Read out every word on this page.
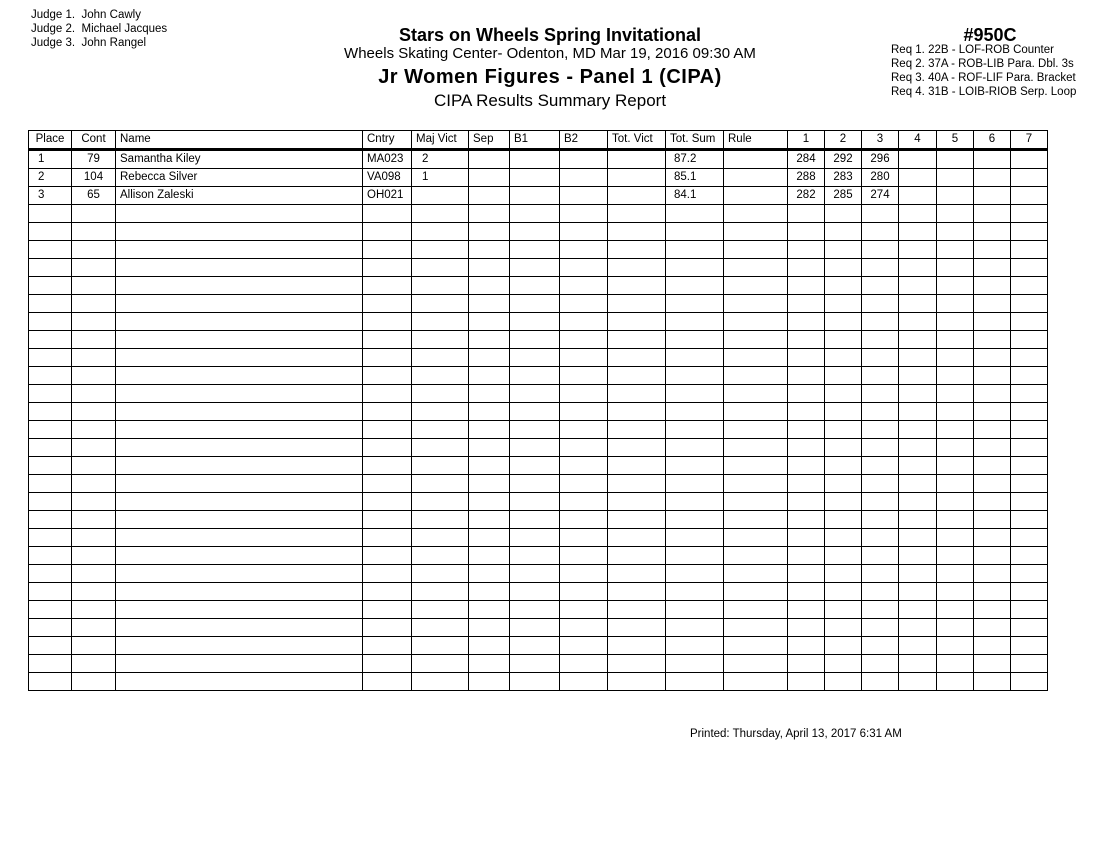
Judge 1. John Cawly
Judge 2. Michael Jacques
Judge 3. John Rangel	Stars on Wheels Spring Invitational
Wheels Skating Center- Odenton, MD Mar 19, 2016 09:30 AM
Jr Women Figures - Panel 1 (CIPA)
CIPA Results Summary Report
#950C
Req 1. 22B - LOF-ROB Counter
Req 2. 37A - ROB-LIB Para. Dbl. 3s
Req 3. 40A - ROF-LIF Para. Bracket
Req 4. 31B - LOIB-RIOB Serp. Loop
Place	Cont	Name	Cntry	Maj Vict	Sep	B1	B2	Tot. Vict	Tot. Sum	Rule	1	2	3	4	5	6	7
1	79	Samantha Kiley	MA023	2					87.2		284	292	296				
2	104	Rebecca Silver	VA098	1					85.1		288	283	280				
3	65	Allison Zaleski	OH021						84.1		282	285	274				

Printed: Thursday, April 13, 2017 6:31 AM
